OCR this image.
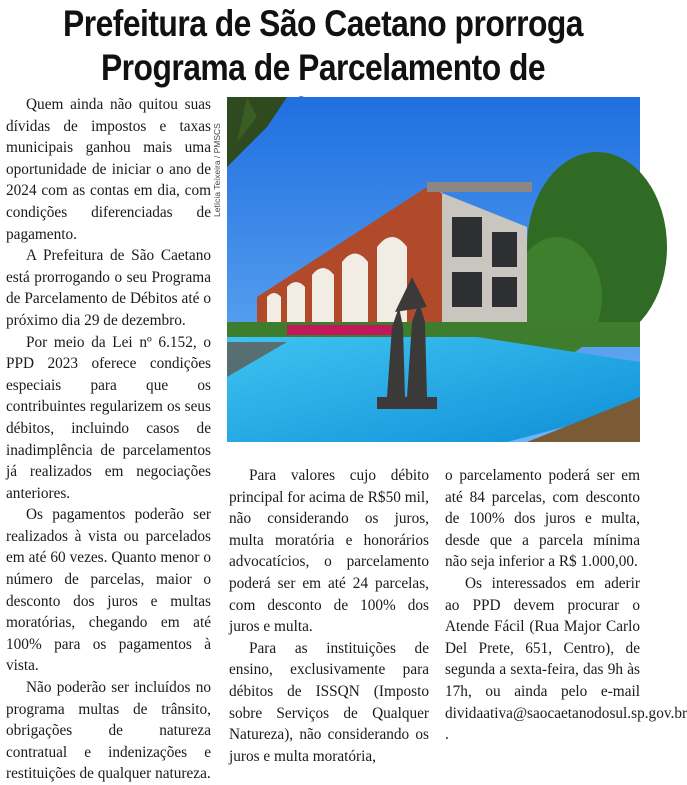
Prefeitura de São Caetano prorroga
Programa de Parcelamento de

Quem ainda não quitou suas dívidas de impostos e taxas municipais ganhou mais uma oportunidade de iniciar o ano de 2024 com as contas em dia, com condições diferenciadas de pagamento.

A Prefeitura de São Caetano está prorrogando o seu Programa de Parcelamento de Débitos até o próximo dia 29 de dezembro.

Por meio da Lei nº 6.152, o PPD 2023 oferece condições especiais para que os contribuintes regularizem os seus débitos, incluindo casos de inadimplência de parcelamentos já realizados em negociações anteriores.

Os pagamentos poderão ser realizados à vista ou parcelados em até 60 vezes. Quanto menor o número de parcelas, maior o desconto dos juros e multas moratórias, chegando em até 100% para os pagamentos à vista.

Não poderão ser incluídos no programa multas de trânsito, obrigações de natureza contratual e indenizações e restituições de qualquer natureza.

Letícia Teixeira / PMSCS

Para valores cujo débito principal for acima de R$50 mil, não considerando os juros, multa moratória e honorários advocatícios, o parcelamento poderá ser em até 24 parcelas, com desconto de 100% dos juros e multa.

Para as instituições de ensino, exclusivamente para débitos de ISSQN (Imposto sobre Serviços de Qualquer Natureza), não considerando os juros e multa moratória,

o parcelamento poderá ser em até 84 parcelas, com desconto de 100% dos juros e multa, desde que a parcela mínima não seja inferior a R$ 1.000,00.

Os interessados em aderir ao PPD devem procurar o Atende Fácil (Rua Major Carlo Del Prete, 651, Centro), de segunda a sexta-feira, das 9h às 17h, ou ainda pelo e-mail dividaativa@saocaetanodosul.sp.gov.br .
